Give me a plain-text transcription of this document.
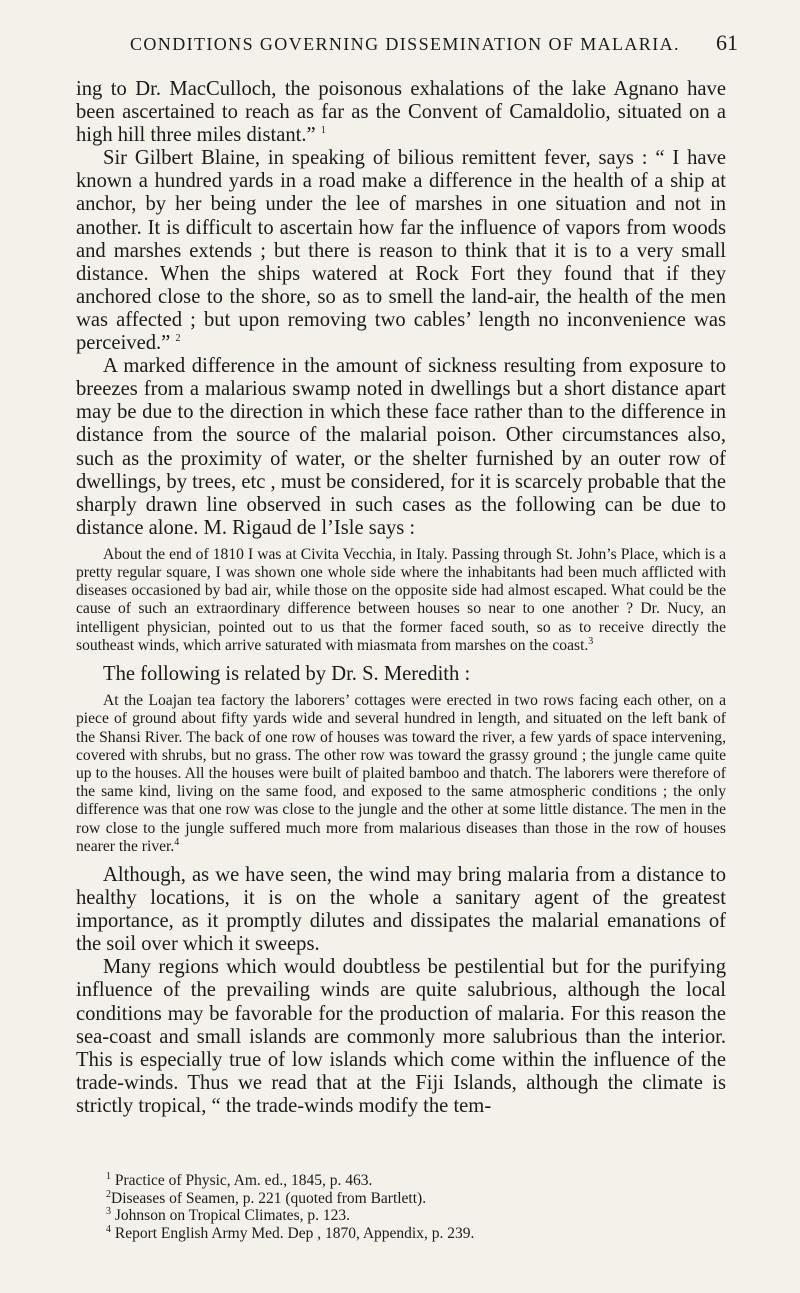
CONDITIONS GOVERNING DISSEMINATION OF MALARIA. 61

ing to Dr. MacCulloch, the poisonous exhalations of the lake Agnano have been ascertained to reach as far as the Convent of Camaldolio, situated on a high hill three miles distant.” $^1$

Sir Gilbert Blaine, in speaking of bilious remittent fever, says : “ I have known a hundred yards in a road make a difference in the health of a ship at anchor, by her being under the lee of marshes in one situation and not in another. It is difficult to ascertain how far the influence of vapors from woods and marshes extends ; but there is reason to think that it is to a very small distance. When the ships watered at Rock Fort they found that if they anchored close to the shore, so as to smell the land-air, the health of the men was affected ; but upon removing two cables’ length no inconvenience was perceived.” $^2$

A marked difference in the amount of sickness resulting from exposure to breezes from a malarious swamp noted in dwellings but a short distance apart may be due to the direction in which these face rather than to the difference in distance from the source of the malarial poison. Other circumstances also, such as the proximity of water, or the shelter furnished by an outer row of dwellings, by trees, etc , must be considered, for it is scarcely probable that the sharply drawn line observed in such cases as the following can be due to distance alone. M. Rigaud de l’Isle says :

About the end of 1810 I was at Civita Vecchia, in Italy. Passing through St. John’s Place, which is a pretty regular square, I was shown one whole side where the inhabitants had been much afflicted with diseases occasioned by bad air, while those on the opposite side had almost escaped. What could be the cause of such an extraordinary difference between houses so near to one another ? Dr. Nucy, an intelligent physician, pointed out to us that the former faced south, so as to receive directly the southeast winds, which arrive saturated with miasmata from marshes on the coast.$^3$

The following is related by Dr. S. Meredith :

At the Loajan tea factory the laborers’ cottages were erected in two rows facing each other, on a piece of ground about fifty yards wide and several hundred in length, and situated on the left bank of the Shansi River. The back of one row of houses was toward the river, a few yards of space intervening, covered with shrubs, but no grass. The other row was toward the grassy ground ; the jungle came quite up to the houses. All the houses were built of plaited bamboo and thatch. The laborers were therefore of the same kind, living on the same food, and exposed to the same atmospheric conditions ; the only difference was that one row was close to the jungle and the other at some little distance. The men in the row close to the jungle suffered much more from malarious diseases than those in the row of houses nearer the river.$^4$

Although, as we have seen, the wind may bring malaria from a distance to healthy locations, it is on the whole a sanitary agent of the greatest importance, as it promptly dilutes and dissipates the malarial emanations of the soil over which it sweeps.

Many regions which would doubtless be pestilential but for the purifying influence of the prevailing winds are quite salubrious, although the local conditions may be favorable for the production of malaria. For this reason the sea-coast and small islands are commonly more salubrious than the interior. This is especially true of low islands which come within the influence of the trade-winds. Thus we read that at the Fiji Islands, although the climate is strictly tropical, “ the trade-winds modify the tem-

$^1$ Practice of Physic, Am. ed., 1845, p. 463.
$^2$Diseases of Seamen, p. 221 (quoted from Bartlett).
$^3$ Johnson on Tropical Climates, p. 123.
$^4$ Report English Army Med. Dep , 1870, Appendix, p. 239.
